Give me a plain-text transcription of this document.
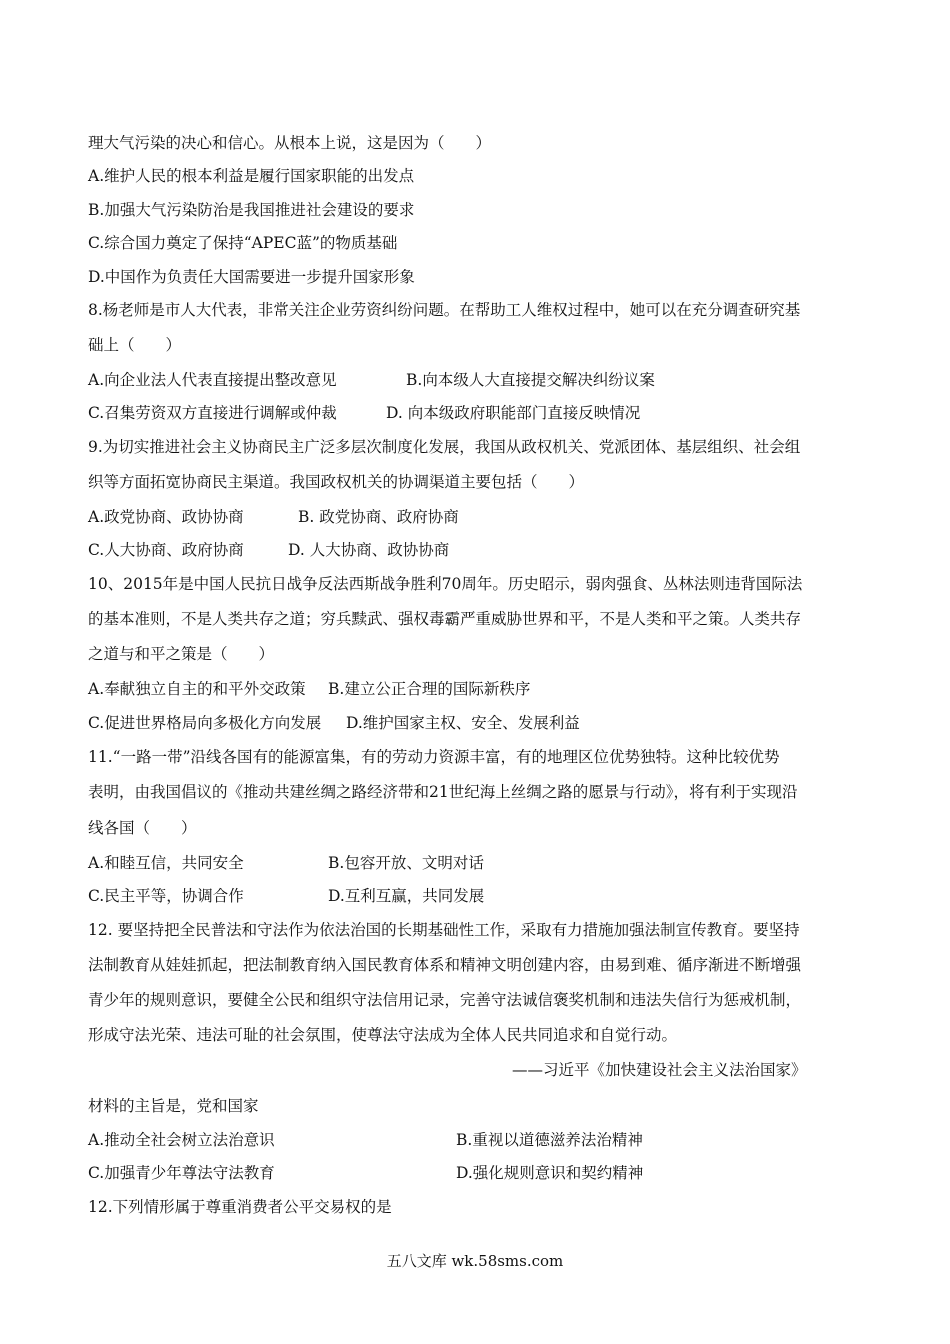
理大气污染的决心和信心。从根本上说，这是因为（　　）
A.维护人民的根本利益是履行国家职能的出发点
B.加强大气污染防治是我国推进社会建设的要求
C.综合国力奠定了保持“APEC蓝”的物质基础
D.中国作为负责任大国需要进一步提升国家形象
8.杨老师是市人大代表，非常关注企业劳资纠纷问题。在帮助工人维权过程中，她可以在充分调查研究基
础上（　　）
A.向企业法人代表直接提出整改意见	B.向本级人大直接提交解决纠纷议案
C.召集劳资双方直接进行调解或仲裁	D. 向本级政府职能部门直接反映情况
9.为切实推进社会主义协商民主广泛多层次制度化发展，我国从政权机关、党派团体、基层组织、社会组
织等方面拓宽协商民主渠道。我国政权机关的协调渠道主要包括（　　）
A.政党协商、政协协商	B. 政党协商、政府协商
C.人大协商、政府协商	D. 人大协商、政协协商
10、2015年是中国人民抗日战争反法西斯战争胜利70周年。历史昭示，弱肉强食、丛林法则违背国际法
的基本准则，不是人类共存之道；穷兵黩武、强权毒霸严重威胁世界和平，不是人类和平之策。人类共存
之道与和平之策是（　　）
A.奉献独立自主的和平外交政策 B.建立公正合理的国际新秩序
C.促进世界格局向多极化方向发展 D.维护国家主权、安全、发展利益
11.“一路一带”沿线各国有的能源富集，有的劳动力资源丰富，有的地理区位优势独特。这种比较优势
表明，由我国倡议的《推动共建丝绸之路经济带和21世纪海上丝绸之路的愿景与行动》，将有利于实现沿
线各国（　　）
A.和睦互信，共同安全	B.包容开放、文明对话
C.民主平等，协调合作	D.互利互赢，共同发展
12. 要坚持把全民普法和守法作为依法治国的长期基础性工作，采取有力措施加强法制宣传教育。要坚持
法制教育从娃娃抓起，把法制教育纳入国民教育体系和精神文明创建内容，由易到难、循序渐进不断增强
青少年的规则意识，要健全公民和组织守法信用记录，完善守法诚信褒奖机制和违法失信行为惩戒机制，
形成守法光荣、违法可耻的社会氛围，使尊法守法成为全体人民共同追求和自觉行动。
——习近平《加快建设社会主义法治国家》
材料的主旨是，党和国家
A.推动全社会树立法治意识	B.重视以道德滋养法治精神
C.加强青少年尊法守法教育	D.强化规则意识和契约精神
12.下列情形属于尊重消费者公平交易权的是
五八文库 wk.58sms.com
